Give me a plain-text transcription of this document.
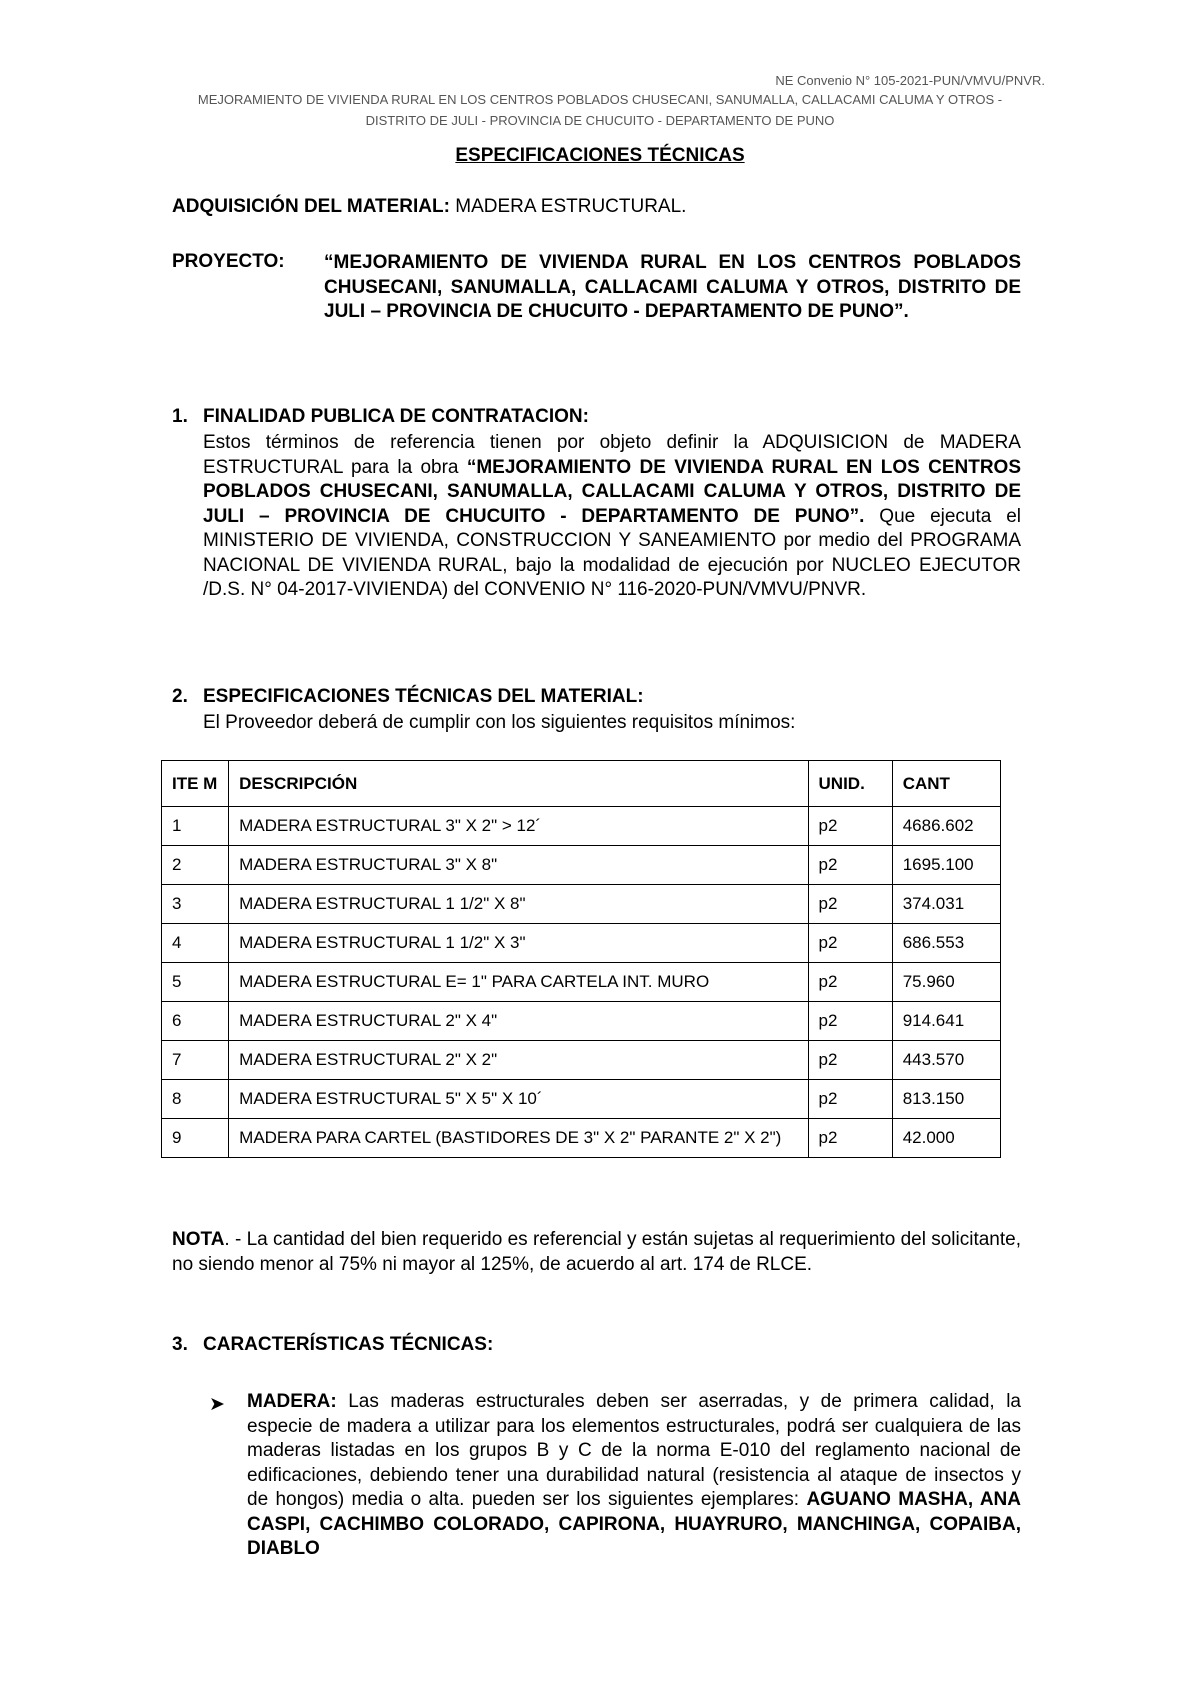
NE Convenio N° 105-2021-PUN/VMVU/PNVR.
MEJORAMIENTO DE VIVIENDA RURAL EN LOS CENTROS POBLADOS CHUSECANI, SANUMALLA, CALLACAMI CALUMA Y OTROS -
DISTRITO DE JULI - PROVINCIA DE CHUCUITO - DEPARTAMENTO DE PUNO
ESPECIFICACIONES TÉCNICAS
ADQUISICIÓN DEL MATERIAL: MADERA ESTRUCTURAL.
PROYECTO: “MEJORAMIENTO DE VIVIENDA RURAL EN LOS CENTROS POBLADOS CHUSECANI, SANUMALLA, CALLACAMI CALUMA Y OTROS, DISTRITO DE JULI – PROVINCIA DE CHUCUITO - DEPARTAMENTO DE PUNO”.
1. FINALIDAD PUBLICA DE CONTRATACION:
Estos términos de referencia tienen por objeto definir la ADQUISICION de MADERA ESTRUCTURAL para la obra “MEJORAMIENTO DE VIVIENDA RURAL EN LOS CENTROS POBLADOS CHUSECANI, SANUMALLA, CALLACAMI CALUMA Y OTROS, DISTRITO DE JULI – PROVINCIA DE CHUCUITO - DEPARTAMENTO DE PUNO”. Que ejecuta el MINISTERIO DE VIVIENDA, CONSTRUCCION Y SANEAMIENTO por medio del PROGRAMA NACIONAL DE VIVIENDA RURAL, bajo la modalidad de ejecución por NUCLEO EJECUTOR /D.S. N° 04-2017-VIVIENDA) del CONVENIO N° 116-2020-PUN/VMVU/PNVR.
2. ESPECIFICACIONES TÉCNICAS DEL MATERIAL:
El Proveedor deberá de cumplir con los siguientes requisitos mínimos:
ITE M	DESCRIPCIÓN	UNID.	CANT
1	MADERA ESTRUCTURAL 3" X 2" > 12´	p2	4686.602
2	MADERA ESTRUCTURAL 3" X 8"	p2	1695.100
3	MADERA ESTRUCTURAL 1 1/2" X 8"	p2	374.031
4	MADERA ESTRUCTURAL 1 1/2" X 3"	p2	686.553
5	MADERA ESTRUCTURAL E= 1" PARA CARTELA INT. MURO	p2	75.960
6	MADERA ESTRUCTURAL 2" X 4"	p2	914.641
7	MADERA ESTRUCTURAL 2" X 2"	p2	443.570
8	MADERA ESTRUCTURAL 5" X 5" X 10´	p2	813.150
9	MADERA PARA CARTEL (BASTIDORES DE 3" X 2" PARANTE 2" X 2")	p2	42.000
NOTA. - La cantidad del bien requerido es referencial y están sujetas al requerimiento del solicitante, no siendo menor al 75% ni mayor al 125%, de acuerdo al art. 174 de RLCE.
3. CARACTERÍSTICAS TÉCNICAS:
➤ MADERA: Las maderas estructurales deben ser aserradas, y de primera calidad, la especie de madera a utilizar para los elementos estructurales, podrá ser cualquiera de las maderas listadas en los grupos B y C de la norma E-010 del reglamento nacional de edificaciones, debiendo tener una durabilidad natural (resistencia al ataque de insectos y de hongos) media o alta. pueden ser los siguientes ejemplares: AGUANO MASHA, ANA CASPI, CACHIMBO COLORADO, CAPIRONA, HUAYRURO, MANCHINGA, COPAIBA, DIABLO
